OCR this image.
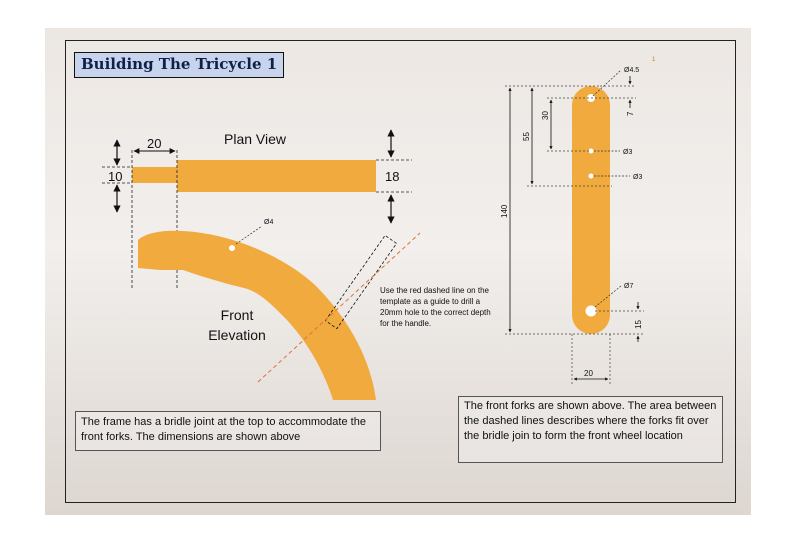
Building The Tricycle 1	1
20
10	18
Ø4
Ø4.5
Ø3
Ø3
Ø7
140
55
30	7
15
20
Plan View
Front
Elevation
Use the red dashed line on the template as a guide to drill a 20mm hole to the correct depth for the handle.
The frame has a bridle joint at the top to accommodate the front forks. The dimensions are shown above
The front forks are shown above. The area between the dashed lines describes where the forks fit over the bridle join to form the front wheel location
